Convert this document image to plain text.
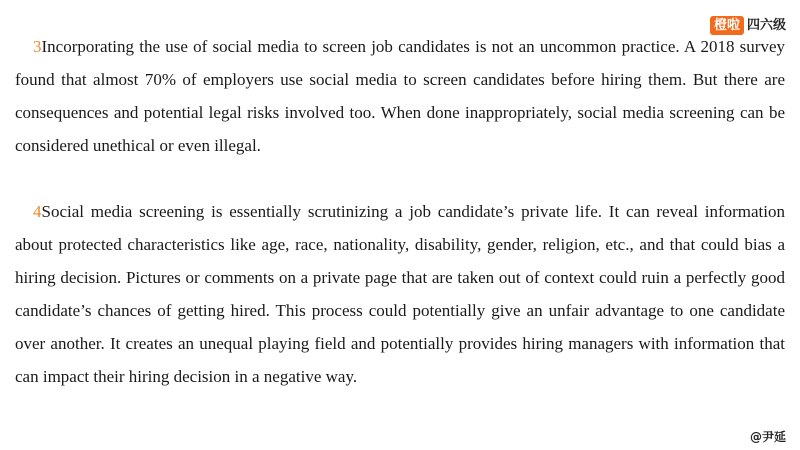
橙啦 四六级

3Incorporating the use of social media to screen job candidates is not an uncommon practice. A 2018 survey found that almost 70% of employers use social media to screen candidates before hiring them. But there are consequences and potential legal risks involved too. When done inappropriately, social media screening can be considered unethical or even illegal.

4Social media screening is essentially scrutinizing a job candidate’s private life. It can reveal information about protected characteristics like age, race, nationality, disability, gender, religion, etc., and that could bias a hiring decision. Pictures or comments on a private page that are taken out of context could ruin a perfectly good candidate’s chances of getting hired. This process could potentially give an unfair advantage to one candidate over another. It creates an unequal playing field and potentially provides hiring managers with information that can impact their hiring decision in a negative way.

@尹延
